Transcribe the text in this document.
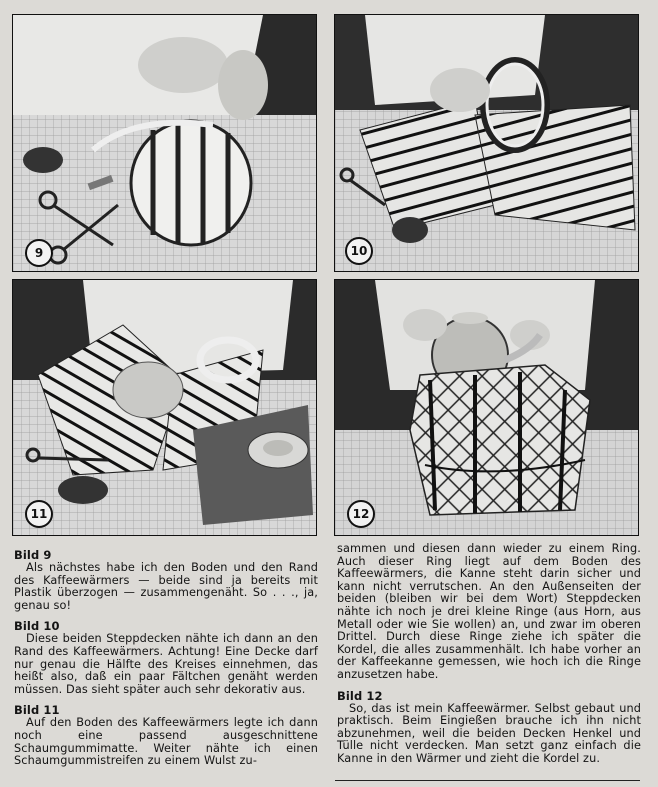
9	10
11	12
Bild 9

Als nächstes habe ich den Boden und den Rand des Kaffeewärmers — beide sind ja bereits mit Plastik überzogen — zusammengenäht. So . . ., ja, genau so!

Bild 10

Diese beiden Steppdecken nähte ich dann an den Rand des Kaffeewärmers. Achtung! Eine Decke darf nur genau die Hälfte des Kreises einnehmen, das heißt also, daß ein paar Fältchen genäht werden müssen. Das sieht später auch sehr dekorativ aus.

Bild 11

Auf den Boden des Kaffeewärmers legte ich dann noch eine passend ausgeschnittene Schaumgummimatte. Weiter nähte ich einen Schaumgummistreifen zu einem Wulst zu-

sammen und diesen dann wieder zu einem Ring. Auch dieser Ring liegt auf dem Boden des Kaffeewärmers, die Kanne steht darin sicher und kann nicht verrutschen. An den Außenseiten der beiden (bleiben wir bei dem Wort) Steppdecken nähte ich noch je drei kleine Ringe (aus Horn, aus Metall oder wie Sie wollen) an, und zwar im oberen Drittel. Durch diese Ringe ziehe ich später die Kordel, die alles zusammenhält. Ich habe vorher an der Kaffeekanne gemessen, wie hoch ich die Ringe anzusetzen habe.

Bild 12

So, das ist mein Kaffeewärmer. Selbst gebaut und praktisch. Beim Eingießen brauche ich ihn nicht abzunehmen, weil die beiden Decken Henkel und Tülle nicht verdecken. Man setzt ganz einfach die Kanne in den Wärmer und zieht die Kordel zu.
